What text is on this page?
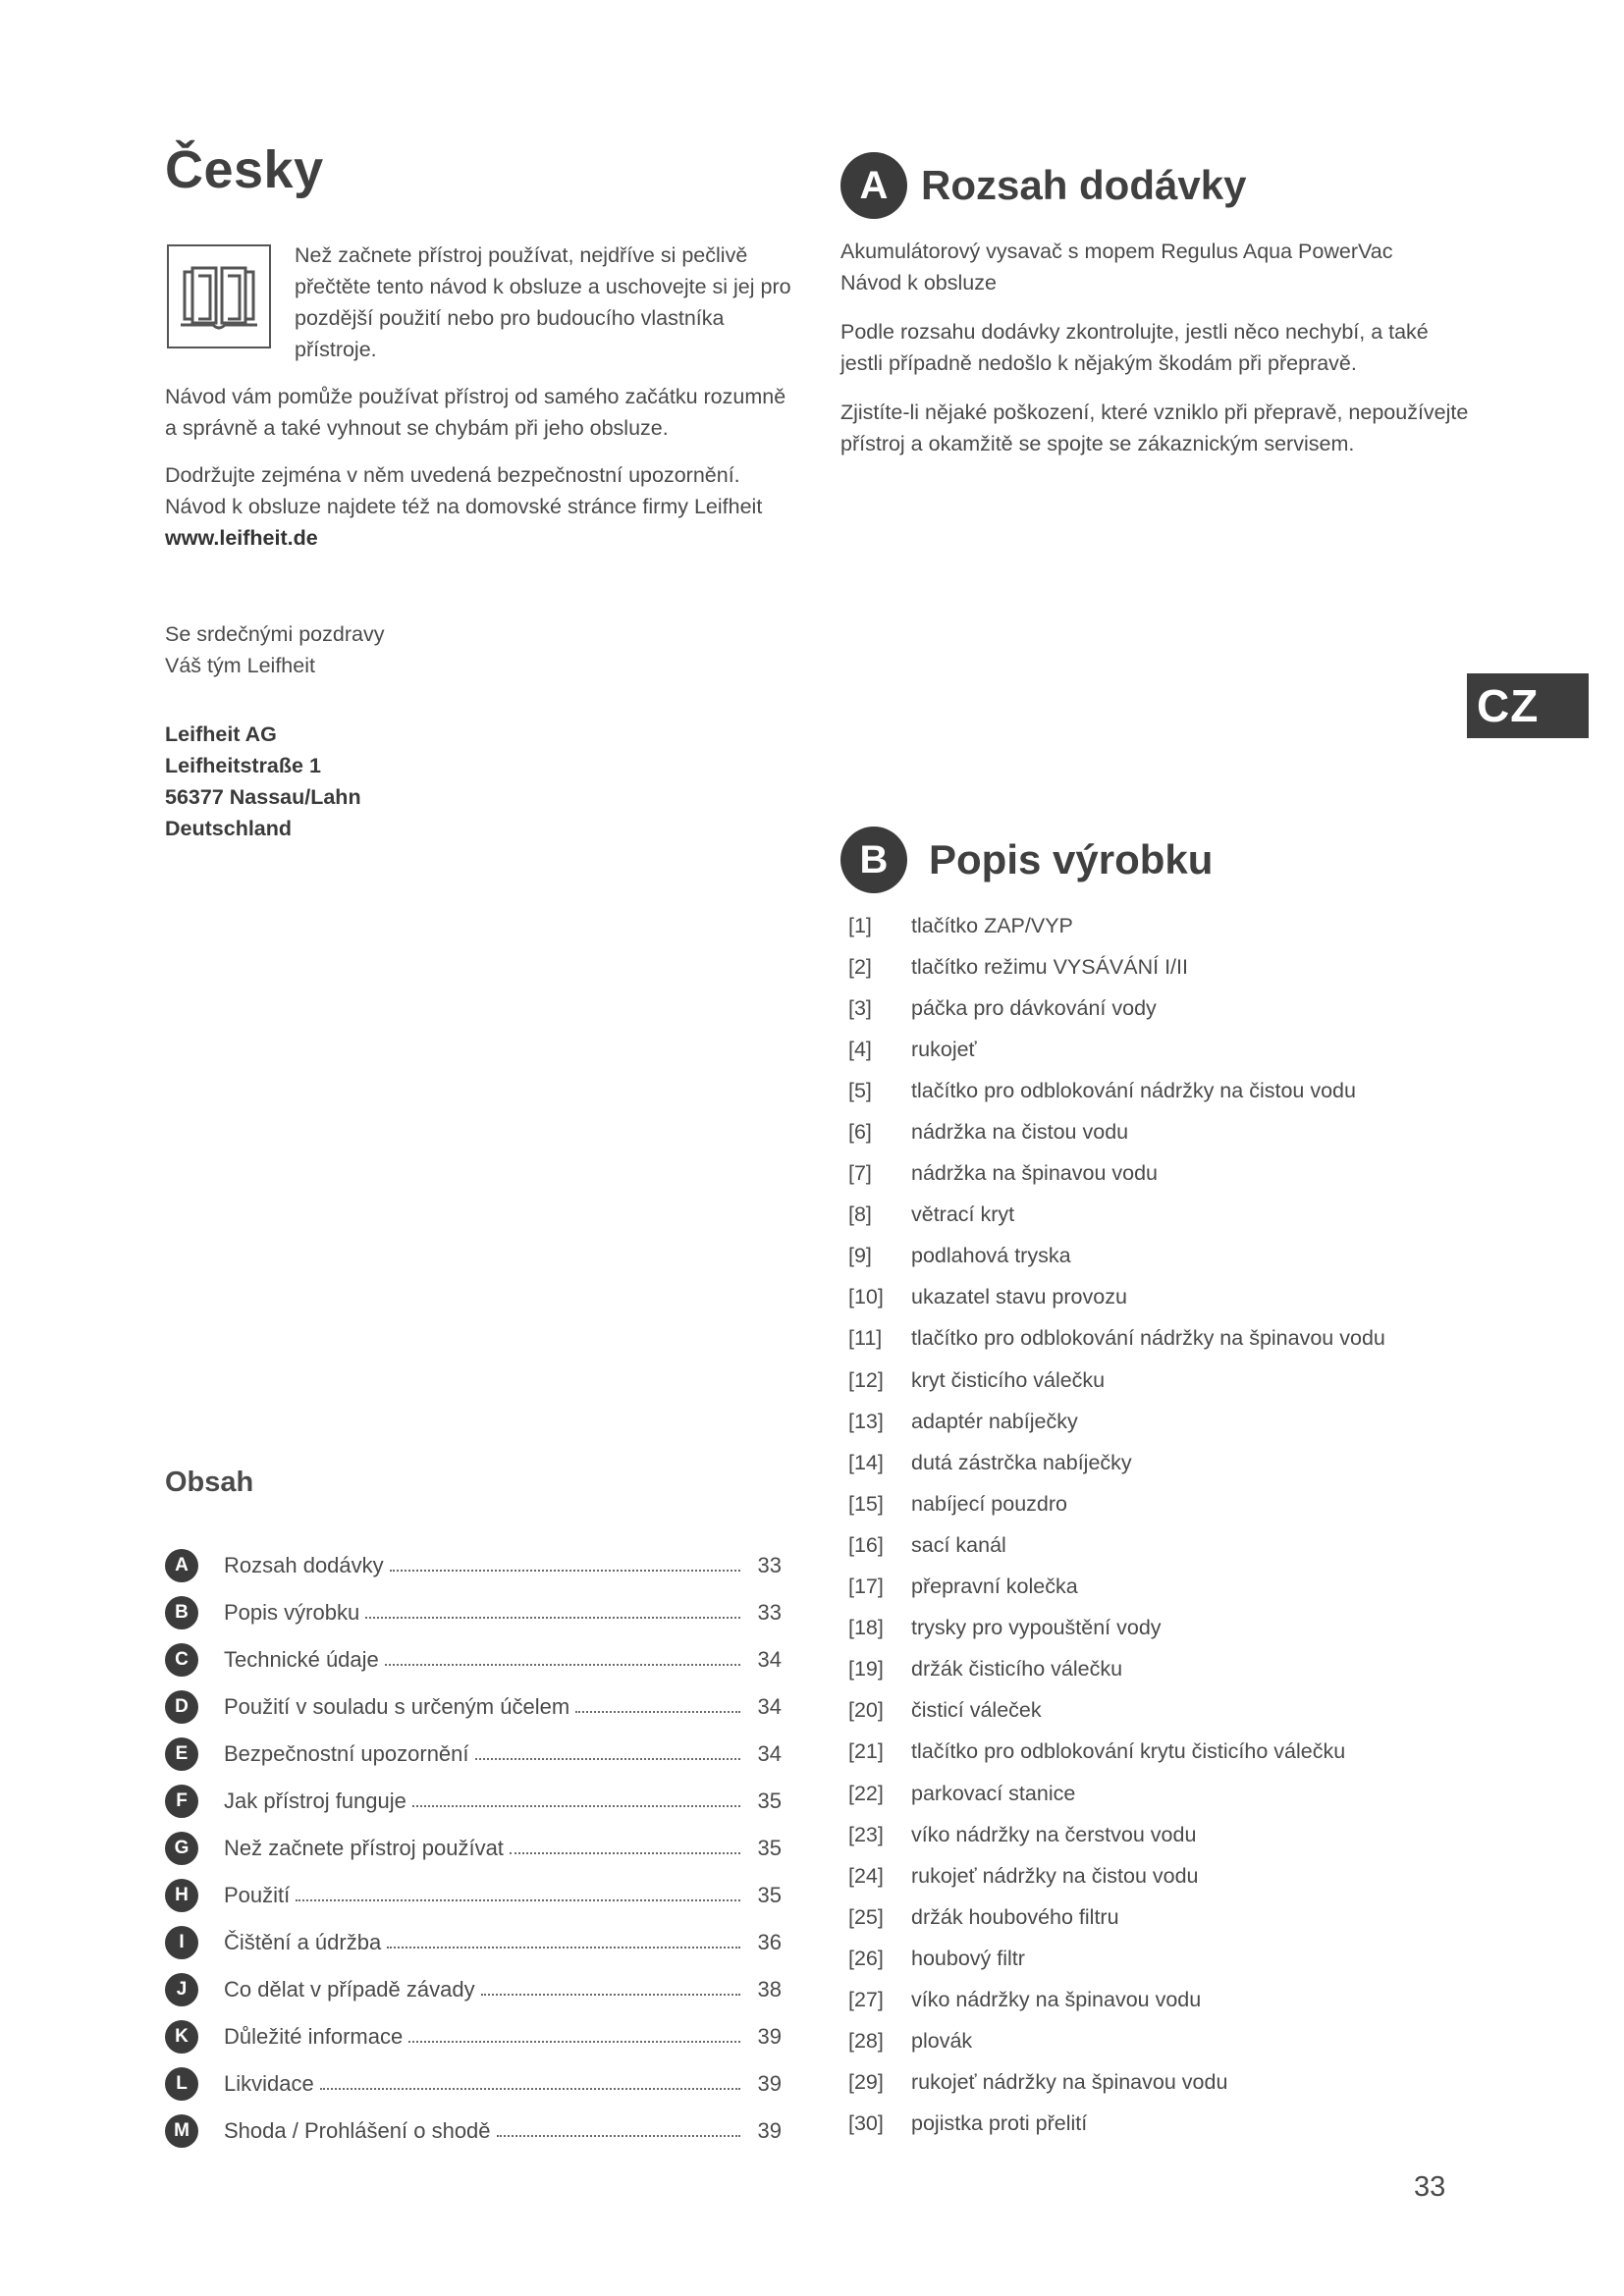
Česky

Než začnete přístroj používat, nejdříve si pečlivě přečtěte tento návod k obsluze a uschovejte si jej pro pozdější použití nebo pro budoucího vlastníka přístroje.

Návod vám pomůže používat přístroj od samého začátku rozumně a správně a také vyhnout se chybám při jeho obsluze.

Dodržujte zejména v něm uvedená bezpečnostní upozornění. Návod k obsluze najdete též na domovské stránce firmy Leifheit www.leifheit.de

Se srdečnými pozdravy
Váš tým Leifheit
Leifheit AG
Leifheitstraße 1
56377 Nassau/Lahn
Deutschland
Obsah
A	Rozsah dodávky	33
B	Popis výrobku	33
C	Technické údaje	34
D	Použití v souladu s určeným účelem	34
E	Bezpečnostní upozornění	34
F	Jak přístroj funguje	35
G	Než začnete přístroj používat	35
H	Použití	35
I	Čištění a údržba	36
J	Co dělat v případě závady	38
K	Důležité informace	39
L	Likvidace	39
M	Shoda / Prohlášení o shodě	39
A Rozsah dodávky
Akumulátorový vysavač s mopem Regulus Aqua PowerVac
Návod k obsluze

Podle rozsahu dodávky zkontrolujte, jestli něco nechybí, a také jestli případně nedošlo k nějakým škodám při přepravě.

Zjistíte-li nějaké poškození, které vzniklo při přepravě, nepoužívejte přístroj a okamžitě se spojte se zákaznickým servisem.

CZ
B Popis výrobku
[1]	tlačítko ZAP/VYP
[2]	tlačítko režimu VYSÁVÁNÍ I/II
[3]	páčka pro dávkování vody
[4]	rukojeť
[5]	tlačítko pro odblokování nádržky na čistou vodu
[6]	nádržka na čistou vodu
[7]	nádržka na špinavou vodu
[8]	větrací kryt
[9]	podlahová tryska
[10]	ukazatel stavu provozu
[11]	tlačítko pro odblokování nádržky na špinavou vodu
[12]	kryt čisticího válečku
[13]	adaptér nabíječky
[14]	dutá zástrčka nabíječky
[15]	nabíjecí pouzdro
[16]	sací kanál
[17]	přepravní kolečka
[18]	trysky pro vypouštění vody
[19]	držák čisticího válečku
[20]	čisticí váleček
[21]	tlačítko pro odblokování krytu čisticího válečku
[22]	parkovací stanice
[23]	víko nádržky na čerstvou vodu
[24]	rukojeť nádržky na čistou vodu
[25]	držák houbového filtru
[26]	houbový filtr
[27]	víko nádržky na špinavou vodu
[28]	plovák
[29]	rukojeť nádržky na špinavou vodu
[30]	pojistka proti přelití
33
